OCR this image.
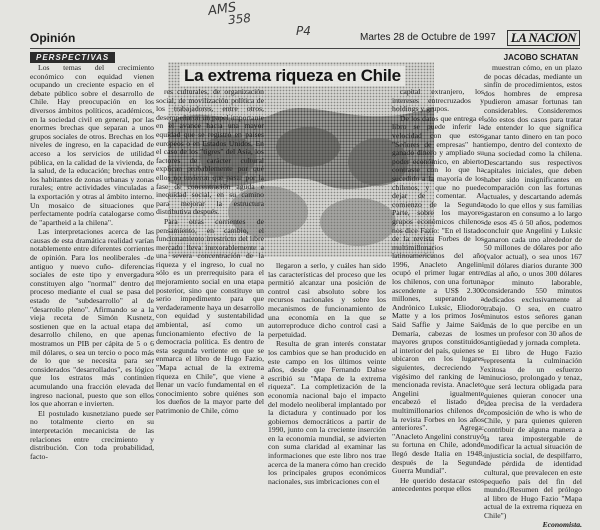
AMS
358
P4
Opinión	Martes 28 de Octubre de 1997	LA NACION
PERSPECTIVAS	JACOBO SCHATAN
La extrema riqueza en Chile

Los temas del crecimiento económico con equidad vienen ocupando un creciente espacio en el debate público sobre el desarrollo de Chile. Hay preocupación en los diversos ámbitos políticos, académicos, en la sociedad civil en general, por las enormes brechas que separan a unos grupos sociales de otros. Brechas en los niveles de ingreso, en la capacidad de acceso a los servicios de utilidad pública, en la calidad de la vivienda, de la salud, de la educación; brechas entre los habitantes de zonas urbanas y zonas rurales; entre actividades vinculadas a la exportación y otras al ámbito interno. Un mosaico de situaciones que perfectamente podría catalogarse como de "apartheid a la chilena".

Las interpretaciones acerca de las causas de esta dramática realidad varían notablemente entre diferentes corrientes de opinión. Para los neoliberales -de antiguo y nuevo cuño- diferencias sociales de este tipo y envergadura constituyen algo "normal" dentro del proceso mediante el cual se pasa del estado de "subdesarrollo" al de "desarrollo pleno". Afirmando se a la vieja receta de Simón Kusnetz, sostienen que en la actual etapa del desarrollo chileno, en que apenas mostramos un PIB per cápita de 5 o 6 mil dólares, o sea un tercio o poco más de lo que se necesita para ser considerados "desarrollados", es lógico que los estratos más continúen acumulando una fracción elevada del ingreso nacional, puesto que son ellos los que ahorran e invierten.

El postulado kusnetziano puede ser no totalmente cierto en su interpretación mecanicista de las relaciones entre crecimiento y distribución. Con toda probabilidad, facto-

res culturales, de organización social, de movilización política de los trabajadores, entre otros, desempeñaron un papel importante en el avance hacia una mayor equidad que se registró en países europeos o en Estados Unidos. En el caso de los "tigres" del Asia, los factores de carácter cultural explican probablemente por qué ellos no tuvieron que pasar por la fase de concentración aguda e inequidad social, en su camino para mejorar la estructura distributiva después.

Para otras corrientes de pensamiento, en cambio, el funcionamiento irrestricto del libre mercado lleva inexorablemente a una severa concentración de la riqueza y el ingreso, lo cual no sólo es un prerrequisito para el mejoramiento social en una etapa posterior, sino que constituye un serio impedimento para que verdaderamente haya un desarrollo con equidad y sustentabilidad ambiental, así como un funcionamiento efectivo de la democracia política. Es dentro de esta segunda vertiente en que se enmarca el libro de Hugo Fazio, "Mapa actual de la extrema riqueza en Chile", que viene a llenar un vacío fundamental en el conocimiento sobre quiénes son los dueños de la mayor parte del patrimonio de Chile, cómo

llegaron a serlo, y cuáles han sido las características del proceso que les permitió alcanzar una posición de control casi absoluto sobre los recursos nacionales y sobre los mecanismos de funcionamiento de una economía en la que se autorreproduce dicho control casi a perpetuidad.

Resulta de gran interés constatar los cambios que se han producido en este campo en los últimos veinte años, desde que Fernando Dahse escribió su "Mapa de la extrema riqueza". La completización de la economía nacional bajo el impacto del modelo neoliberal implantado por la dictadura y continuado por los gobiernos democráticos a partir de 1990, junto con la creciente inserción en la economía mundial, se advierten con suma claridad al examinar las informaciones que este libro nos trae acerca de la manera cómo han crecido los principales grupos económicos nacionales, sus imbricaciones con el

capital extranjero, los intereses entrecruzados y holdings y grupos.

De los datos que entrega el libro se puede inferir la velocidad con que estos "Señores de empresas" han ganado dinero y ampliado su poder económico, en abierto contraste con lo que ha sucedido a la mayoría de los chilenos, y que no puede dejar de comentar. Al comienzo de la Segunda Parte, sobre los mayores grupos económicos chilenos nos dice Fazio: "En el listado de la revista Forbes de los multimillonarios latinoamericanos del año 1996, Anacleto Angelini ocupó el primer lugar entre los chilenos, con una fortuna ascendente a US$ 2.300 millones, superando a Andrónico Luksic, Eliodoro Matte y a los primos José Said Saffie y Jaime Said Demaría, cabezas de los mayores grupos constituidos al interior del país, quienes se ubicaron en los lugares siguientes, decreciendo y vigésimo del ranking de la mencionada revista. Anacleto Angelini igualmente encabezó el listado de multimillonarios chilenos de la revista Forbes en los años anteriores". Agrega: "Anacleto Angelini construyó su fortuna en Chile, adonde llegó desde Italia en 1948, después de la Segunda Guerra Mundial".

He querido destacar estos antecedentes porque ellos

muestran cómo, en un plazo de pocas décadas, mediante un sinfín de procedimientos, estos dos hombres de empresa pudieron amasar fortunas tan considerables. Consideremos sólo estos dos casos para tratar de entender lo que significa ganar tanto dinero en tan poco tiempo, dentro del contexto de una sociedad como la chilena. Descartando sus respectivos capitales iniciales, que deben haber sido insignificantes en comparación con las fortunas actuales, y descartando además todo lo que ellos y sus familias gastaron en consumo a lo largo de esos 45 ó 50 años, podemos concluir que Angelini y Luksic ganaron cada uno alrededor de 50 millones de dólares por año (valor actual), o sea unos 167 mil dólares diarios durante 300 días al año, o unos 300 dólares por minuto laborable, considerando 550 minutos dedicados exclusivamente al trabajo. O sea, en cuatro minutos estos señores ganan más de lo que percibe en un mes un profesor con 30 años de antigüedad y jornada completa.

El libro de Hugo Fazio representa la culminación exitosa de un esfuerzo minucioso, prolongado y tenaz, que será lectura obligada para quienes quieran conocer una idea precisa de la verdadera composición de who is who de Chile, y para quienes quieren contribuir de alguna manera a la tarea impostergable de modificar la actual situación de injusticia social, de despilfarro, de pérdida de identidad cultural, que prevalecen en este pequeño país del fin del mundo.(Resumen del prólogo al libro de Hugo Fazio "Mapa actual de la extrema riqueza en Chile")

Economista.
